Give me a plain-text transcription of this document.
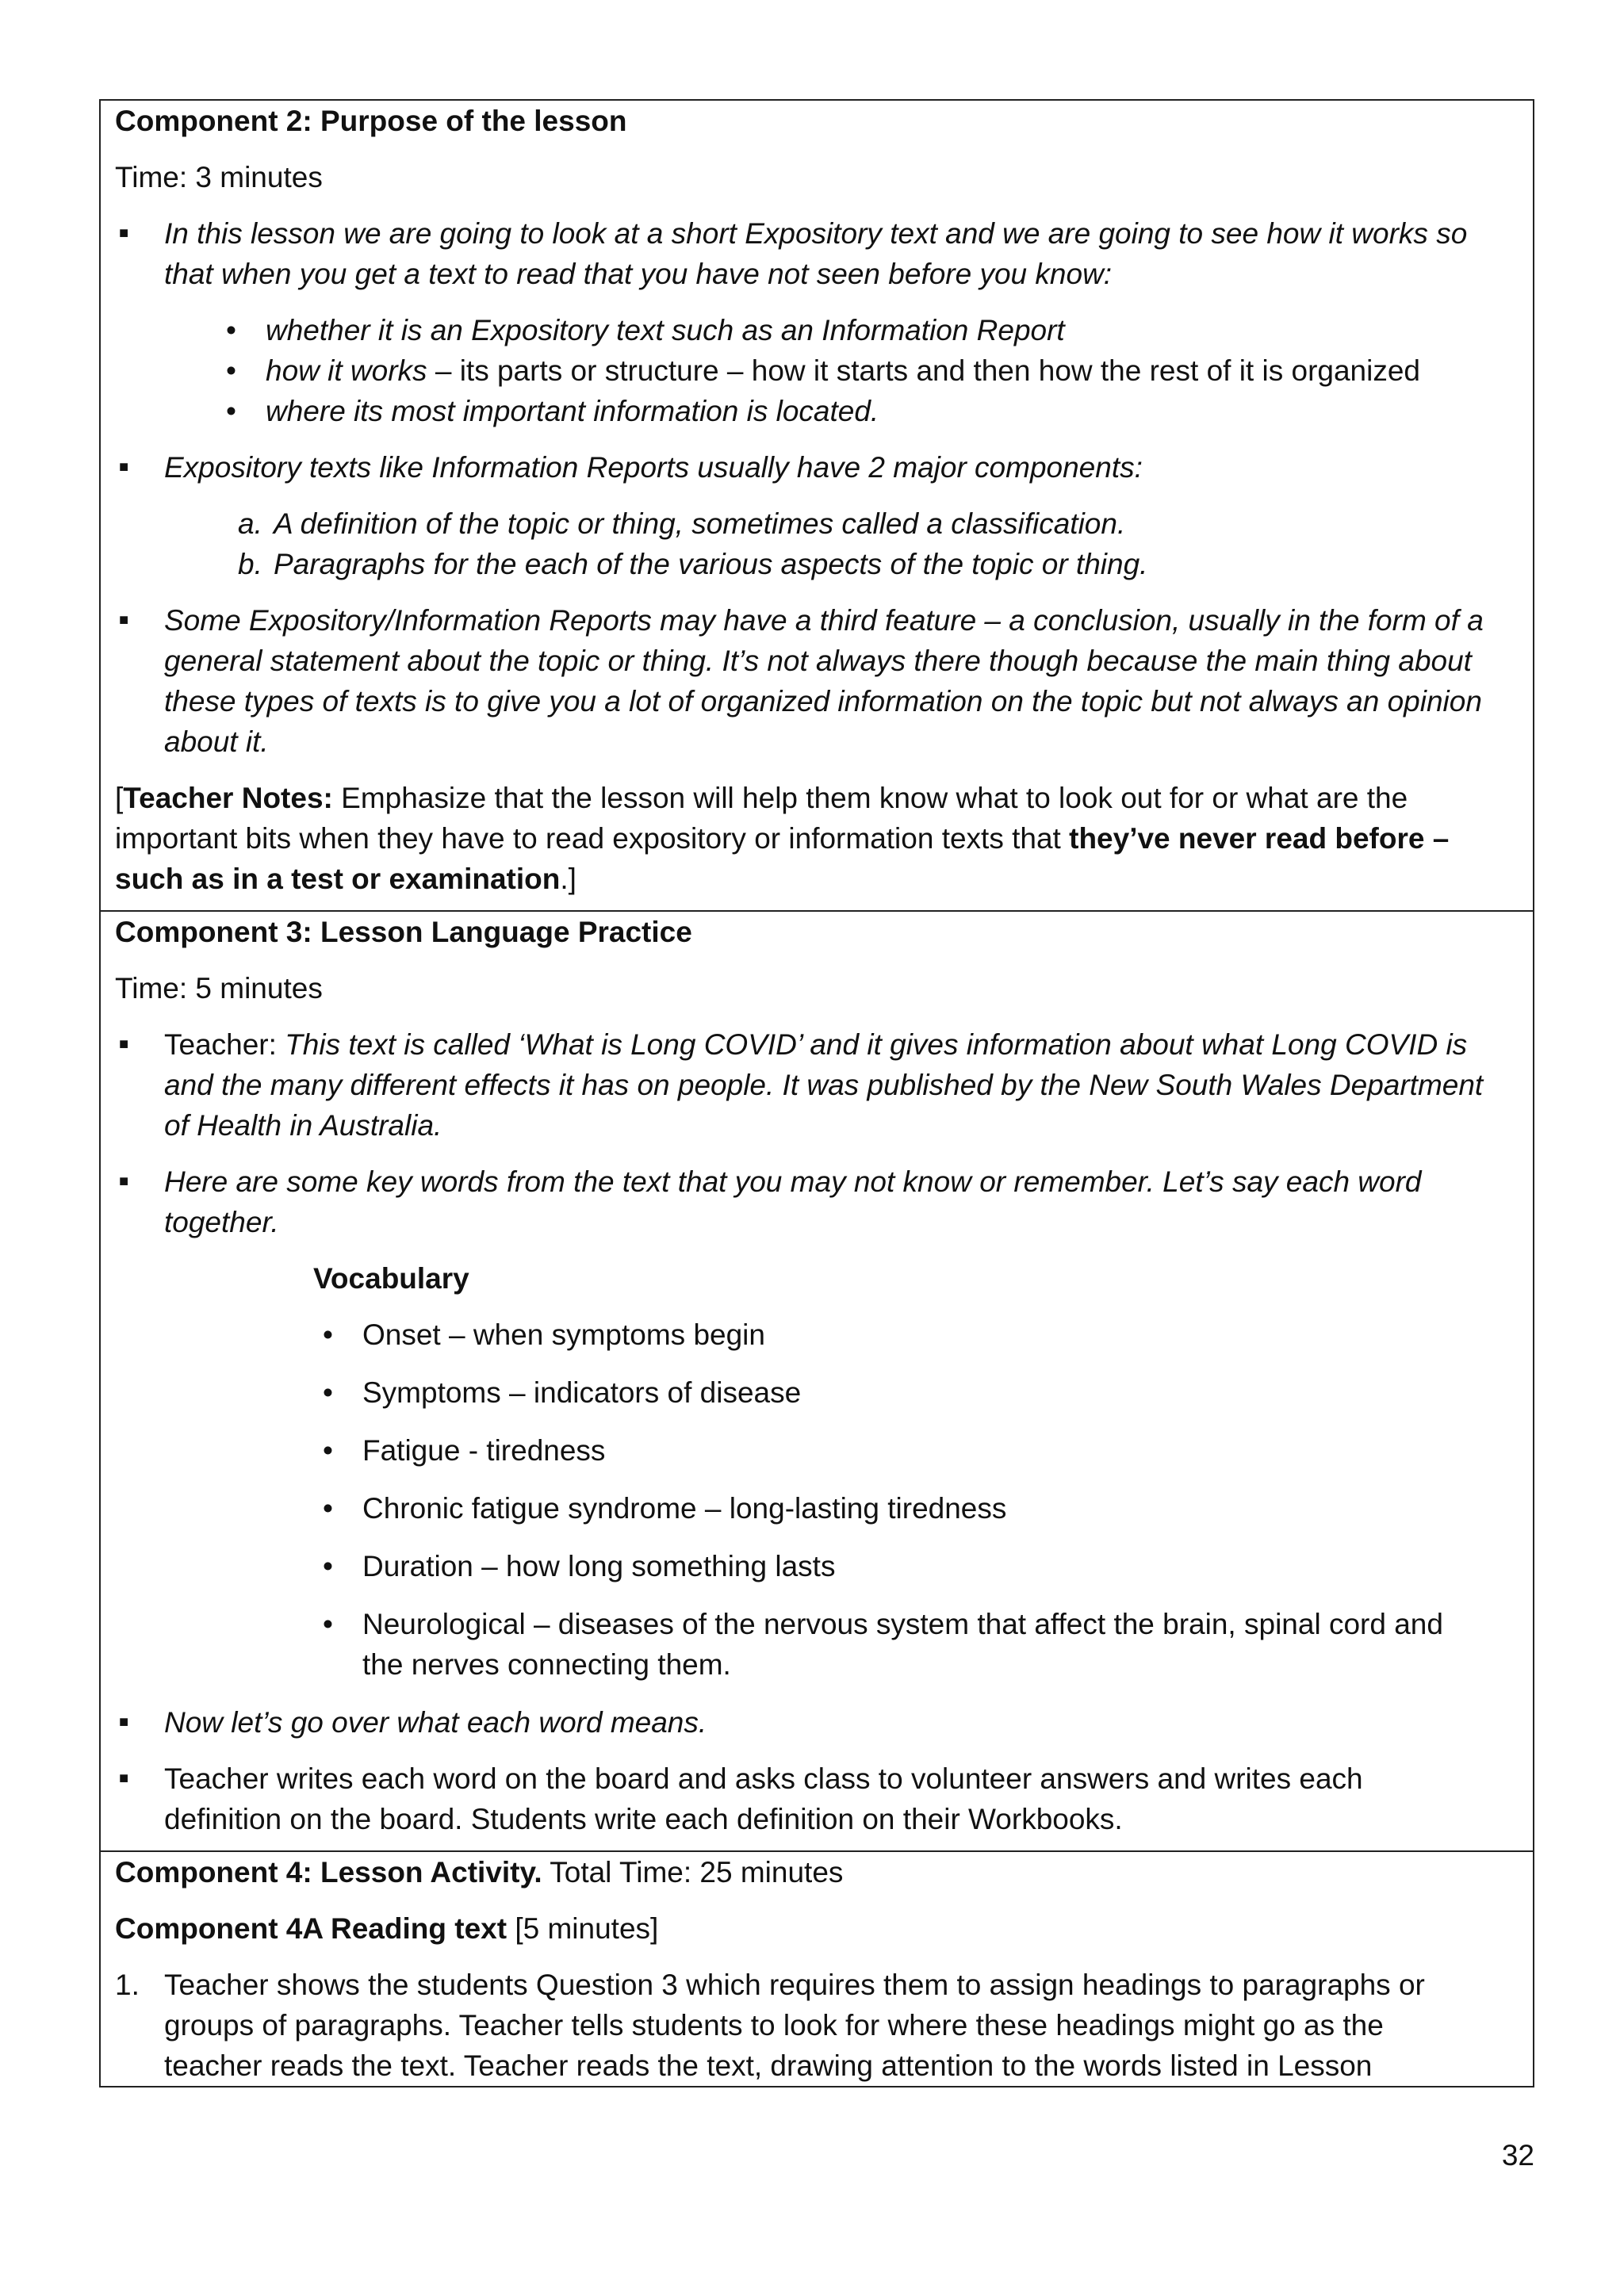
Component 2: Purpose of the lesson

Time: 3 minutes

■ In this lesson we are going to look at a short Expository text and we are going to see how it works so that when you get a text to read that you have not seen before you know:
• whether it is an Expository text such as an Information Report
• how it works – its parts or structure – how it starts and then how the rest of it is organized
• where its most important information is located.
■ Expository texts like Information Reports usually have 2 major components:
a. A definition of the topic or thing, sometimes called a classification.
b. Paragraphs for the each of the various aspects of the topic or thing.
■ Some Expository/Information Reports may have a third feature – a conclusion, usually in the form of a general statement about the topic or thing. It’s not always there though because the main thing about these types of texts is to give you a lot of organized information on the topic but not always an opinion about it.

[Teacher Notes: Emphasize that the lesson will help them know what to look out for or what are the important bits when they have to read expository or information texts that they’ve never read before – such as in a test or examination.]

Component 3: Lesson Language Practice

Time: 5 minutes

■ Teacher: This text is called ‘What is Long COVID’ and it gives information about what Long COVID is and the many different effects it has on people. It was published by the New South Wales Department of Health in Australia.
■ Here are some key words from the text that you may not know or remember. Let’s say each word together.

Vocabulary

• Onset – when symptoms begin
• Symptoms – indicators of disease
• Fatigue - tiredness
• Chronic fatigue syndrome – long-lasting tiredness
• Duration – how long something lasts
• Neurological – diseases of the nervous system that affect the brain, spinal cord and the nerves connecting them.
■ Now let’s go over what each word means.
■ Teacher writes each word on the board and asks class to volunteer answers and writes each definition on the board. Students write each definition on their Workbooks.

Component 4: Lesson Activity. Total Time: 25 minutes

Component 4A Reading text [5 minutes]

1. Teacher shows the students Question 3 which requires them to assign headings to paragraphs or groups of paragraphs. Teacher tells students to look for where these headings might go as the teacher reads the text. Teacher reads the text, drawing attention to the words listed in Lesson
32
